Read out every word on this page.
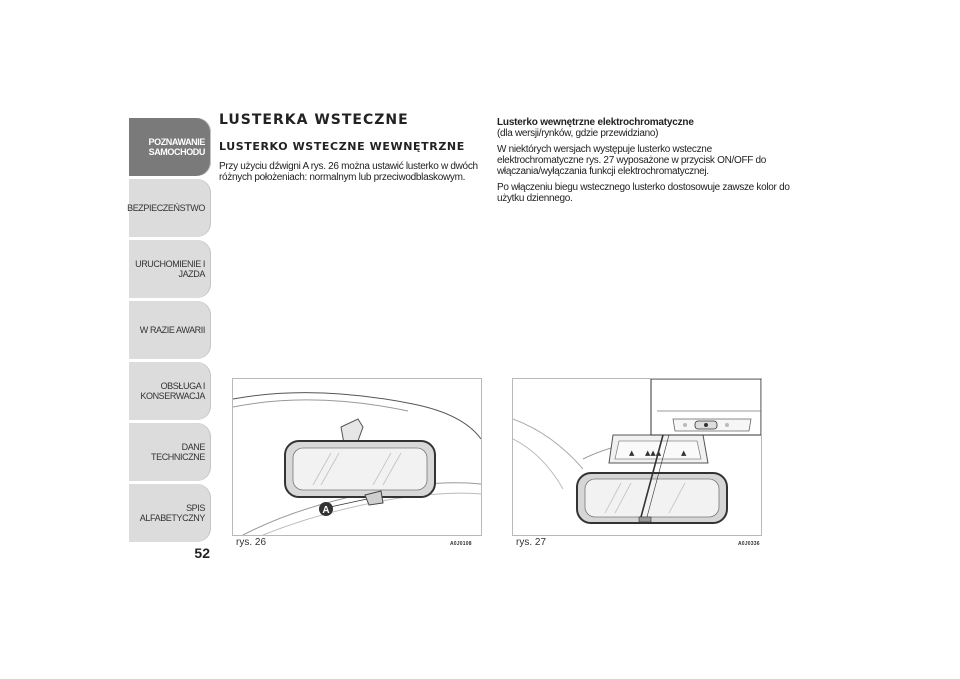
POZNAWANIE
SAMOCHODU
BEZPIECZEŃSTWO
URUCHOMIENIE I
JAZDA
W RAZIE AWARII
OBSŁUGA I
KONSERWACJA
DANE TECHNICZNE
SPIS ALFABETYCZNY
52
LUSTERKA WSTECZNE
LUSTERKO WSTECZNE WEWNĘTRZNE

Przy użyciu dźwigni A rys. 26 można ustawić lusterko w dwóch
różnych położeniach: normalnym lub przeciwodblaskowym.

Lusterko wewnętrzne elektrochromatyczne

(dla wersji/rynków, gdzie przewidziano)

W niektórych wersjach występuje lusterko wsteczne
elektrochromatyczne rys. 27 wyposażone w przycisk ON/OFF do
włączania/wyłączania funkcji elektrochromatycznej.

Po włączeniu biegu wstecznego lusterko dostosowuje zawsze kolor do
użytku dziennego.

A
rys. 26	A0J0108
▲ ▲▲▲	▲
rys. 27	A0J0336
